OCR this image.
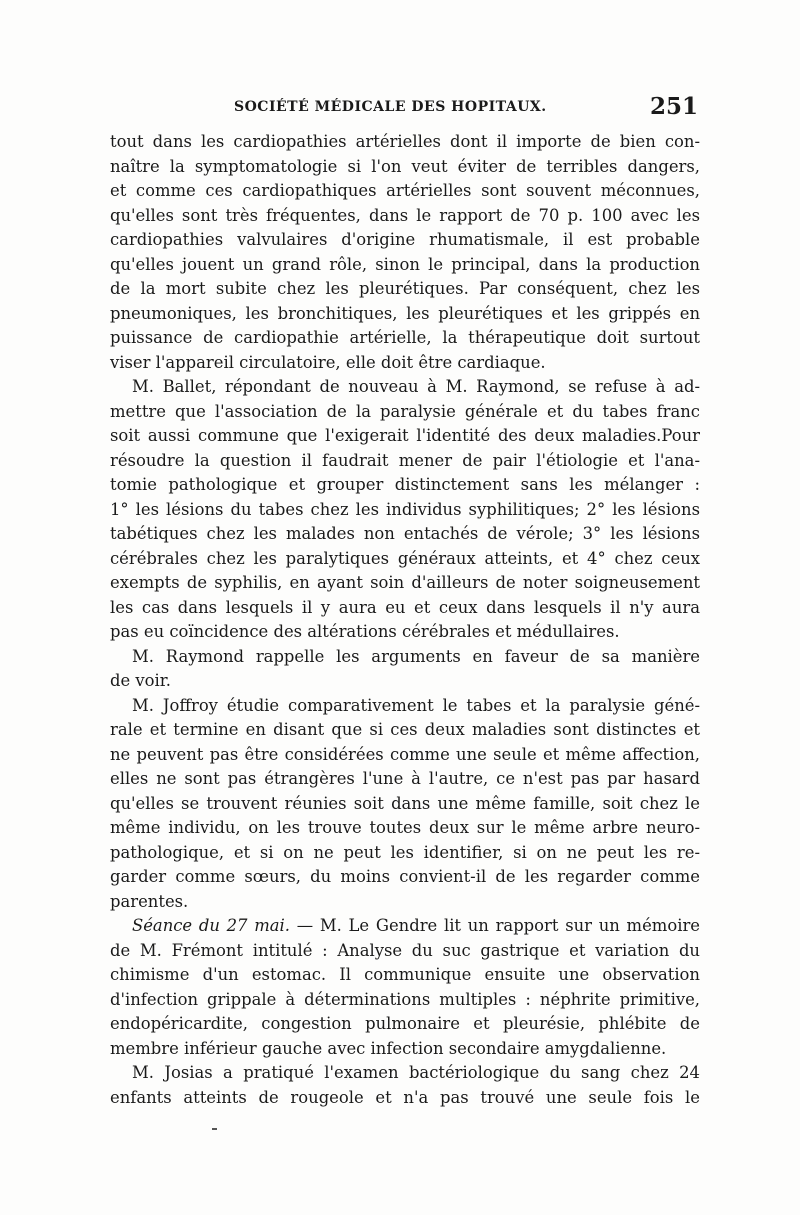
SOCIÉTÉ MÉDICALE DES HOPITAUX.	251
tout dans les cardiopathies artérielles dont il importe de bien con-
naître la symptomatologie si l'on veut éviter de terribles dangers,
et comme ces cardiopathiques artérielles sont souvent méconnues,
qu'elles sont très fréquentes, dans le rapport de 70 p. 100 avec les
cardiopathies valvulaires d'origine rhumatismale, il est probable
qu'elles jouent un grand rôle, sinon le principal, dans la production
de la mort subite chez les pleurétiques. Par conséquent, chez les
pneumoniques, les bronchitiques, les pleurétiques et les grippés en
puissance de cardiopathie artérielle, la thérapeutique doit surtout
viser l'appareil circulatoire, elle doit être cardiaque.
M. Ballet, répondant de nouveau à M. Raymond, se refuse à ad-
mettre que l'association de la paralysie générale et du tabes franc
soit aussi commune que l'exigerait l'identité des deux maladies.Pour
résoudre la question il faudrait mener de pair l'étiologie et l'ana-
tomie pathologique et grouper distinctement sans les mélanger :
1° les lésions du tabes chez les individus syphilitiques; 2° les lésions
tabétiques chez les malades non entachés de vérole; 3° les lésions
cérébrales chez les paralytiques généraux atteints, et 4° chez ceux
exempts de syphilis, en ayant soin d'ailleurs de noter soigneusement
les cas dans lesquels il y aura eu et ceux dans lesquels il n'y aura
pas eu coïncidence des altérations cérébrales et médullaires.
M. Raymond rappelle les arguments en faveur de sa manière
de voir.
M. Joffroy étudie comparativement le tabes et la paralysie géné-
rale et termine en disant que si ces deux maladies sont distinctes et
ne peuvent pas être considérées comme une seule et même affection,
elles ne sont pas étrangères l'une à l'autre, ce n'est pas par hasard
qu'elles se trouvent réunies soit dans une même famille, soit chez le
même individu, on les trouve toutes deux sur le même arbre neuro-
pathologique, et si on ne peut les identifier, si on ne peut les re-
garder comme sœurs, du moins convient-il de les regarder comme
parentes.
Séance du 27 mai. — M. Le Gendre lit un rapport sur un mémoire
de M. Frémont intitulé : Analyse du suc gastrique et variation du
chimisme d'un estomac. Il communique ensuite une observation
d'infection grippale à déterminations multiples : néphrite primitive,
endopéricardite, congestion pulmonaire et pleurésie, phlébite de
membre inférieur gauche avec infection secondaire amygdalienne.
M. Josias a pratiqué l'examen bactériologique du sang chez 24
enfants atteints de rougeole et n'a pas trouvé une seule fois le
